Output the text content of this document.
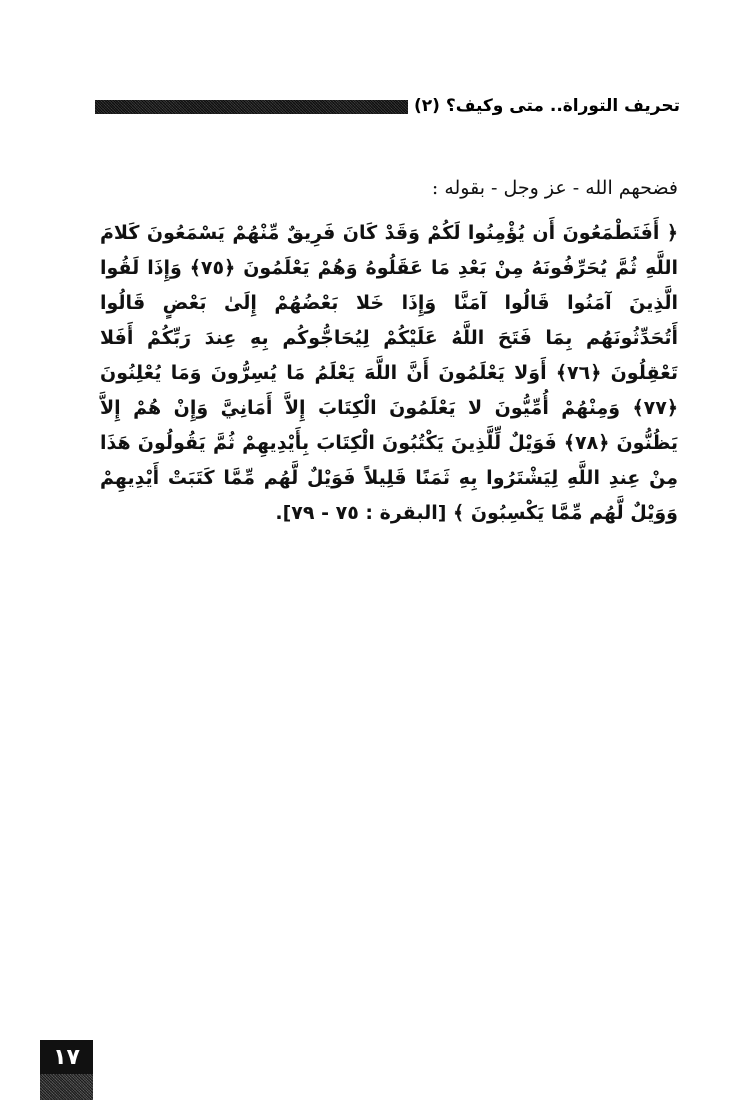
تحريف التوراة.. متى وكيف؟ (٢)
فضحهم الله - عز وجل - بقوله :
﴿ أَفَتَطْمَعُونَ أَن يُؤْمِنُوا لَكُمْ وَقَدْ كَانَ فَرِيقٌ مِّنْهُمْ يَسْمَعُونَ كَلامَ اللَّهِ ثُمَّ يُحَرِّفُونَهُ مِنْ بَعْدِ مَا عَقَلُوهُ وَهُمْ يَعْلَمُونَ ﴿٧٥﴾ وَإِذَا لَقُوا الَّذِينَ آمَنُوا قَالُوا آمَنَّا وَإِذَا خَلا بَعْضُهُمْ إِلَىٰ بَعْضٍ قَالُوا أَتُحَدِّثُونَهُم بِمَا فَتَحَ اللَّهُ عَلَيْكُمْ لِيُحَاجُّوكُم بِهِ عِندَ رَبِّكُمْ أَفَلا تَعْقِلُونَ ﴿٧٦﴾ أَوَلا يَعْلَمُونَ أَنَّ اللَّهَ يَعْلَمُ مَا يُسِرُّونَ وَمَا يُعْلِنُونَ ﴿٧٧﴾ وَمِنْهُمْ أُمِّيُّونَ لا يَعْلَمُونَ الْكِتَابَ إِلاَّ أَمَانِيَّ وَإِنْ هُمْ إِلاَّ يَظُنُّونَ ﴿٧٨﴾ فَوَيْلٌ لِّلَّذِينَ يَكْتُبُونَ الْكِتَابَ بِأَيْدِيهِمْ ثُمَّ يَقُولُونَ هَذَا مِنْ عِندِ اللَّهِ لِيَشْتَرُوا بِهِ ثَمَنًا قَلِيلاً فَوَيْلٌ لَّهُم مِّمَّا كَتَبَتْ أَيْدِيهِمْ وَوَيْلٌ لَّهُم مِّمَّا يَكْسِبُونَ ﴾ [البقرة : ٧٥ - ٧٩].
١٧
